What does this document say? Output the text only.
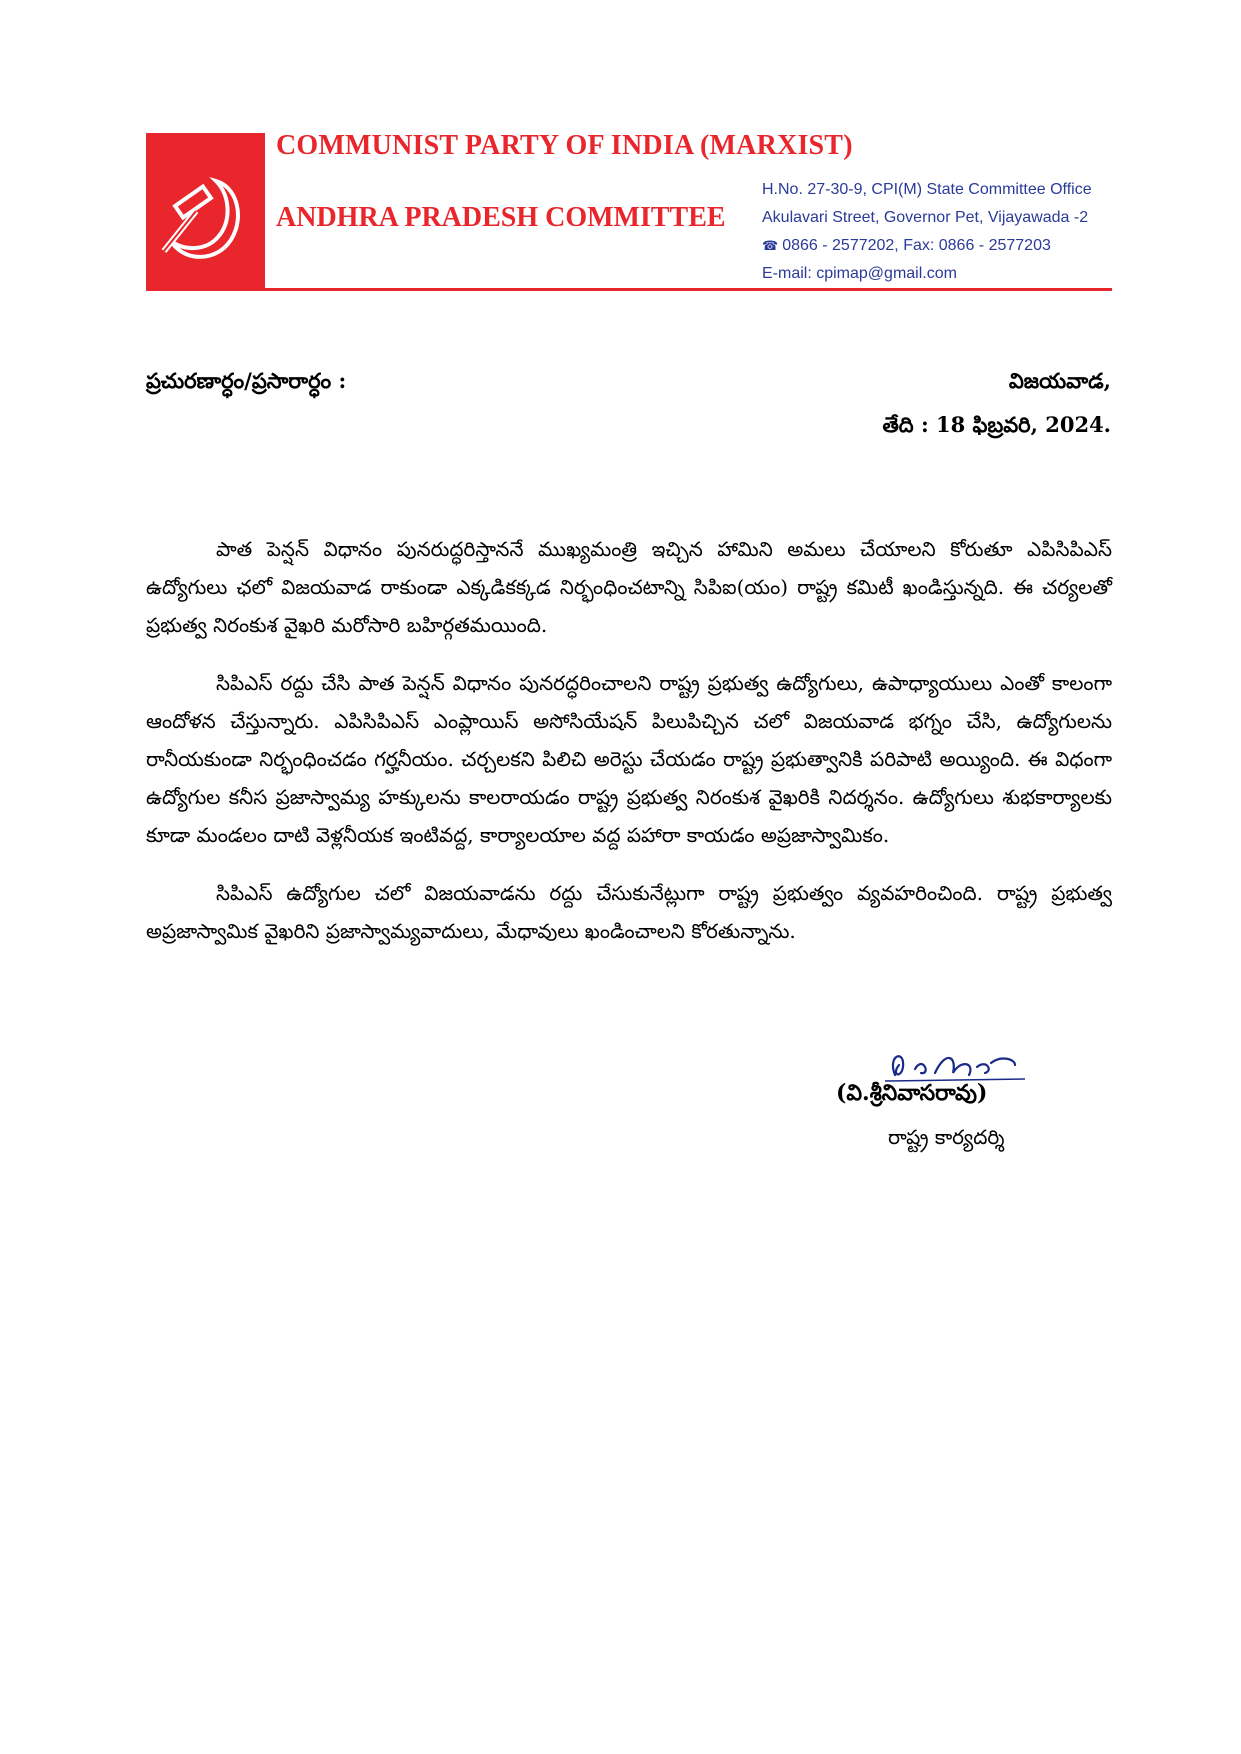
COMMUNIST PARTY OF INDIA (MARXIST)
ANDHRA PRADESH COMMITTEE
H.No. 27-30-9, CPI(M) State Committee Office
Akulavari Street, Governor Pet, Vijayawada -2
☎ 0866 - 2577202, Fax: 0866 - 2577203
E-mail: cpimap@gmail.com
ప్రచురణార్ధం/ప్రసారార్ధం :	విజయవాడ,
తేది : 18 ఫిబ్రవరి, 2024.

పాత పెన్షన్ విధానం పునరుద్ధరిస్తాననే ముఖ్యమంత్రి ఇచ్చిన హామిని అమలు చేయాలని కోరుతూ ఎపిసిపిఎస్ ఉద్యోగులు ఛలో విజయవాడ రాకుండా ఎక్కడికక్కడ నిర్భంధించటాన్ని సిపిఐ(యం) రాష్ట్ర కమిటీ ఖండిస్తున్నది. ఈ చర్యలతో ప్రభుత్వ నిరంకుశ వైఖరి మరోసారి బహిర్గతమయింది.

సిపిఎస్ రద్దు చేసి పాత పెన్షన్ విధానం పునరద్ధరించాలని రాష్ట్ర ప్రభుత్వ ఉద్యోగులు, ఉపాధ్యాయులు ఎంతో కాలంగా ఆందోళన చేస్తున్నారు. ఎపిసిపిఎస్ ఎంప్లాయిస్ అసోసియేషన్ పిలుపిచ్చిన చలో విజయవాడ భగ్నం చేసి, ఉద్యోగులను రానీయకుండా నిర్భంధించడం గర్హనీయం. చర్చలకని పిలిచి అరెస్టు చేయడం రాష్ట్ర ప్రభుత్వానికి పరిపాటి అయ్యింది. ఈ విధంగా ఉద్యోగుల కనీస ప్రజాస్వామ్య హక్కులను కాలరాయడం రాష్ట్ర ప్రభుత్వ నిరంకుశ వైఖరికి నిదర్శనం. ఉద్యోగులు శుభకార్యాలకు కూడా మండలం దాటి వెళ్లనీయక ఇంటివద్ద, కార్యాలయాల వద్ద పహారా కాయడం అప్రజాస్వామికం.

సిపిఎస్ ఉద్యోగుల చలో విజయవాడను రద్దు చేసుకునేట్లుగా రాష్ట్ర ప్రభుత్వం వ్యవహరించింది. రాష్ట్ర ప్రభుత్వ అప్రజాస్వామిక వైఖరిని ప్రజాస్వామ్యవాదులు, మేధావులు ఖండించాలని కోరతున్నాను.

(వి.శ్రీనివాసరావు)
రాష్ట్ర కార్యదర్శి
